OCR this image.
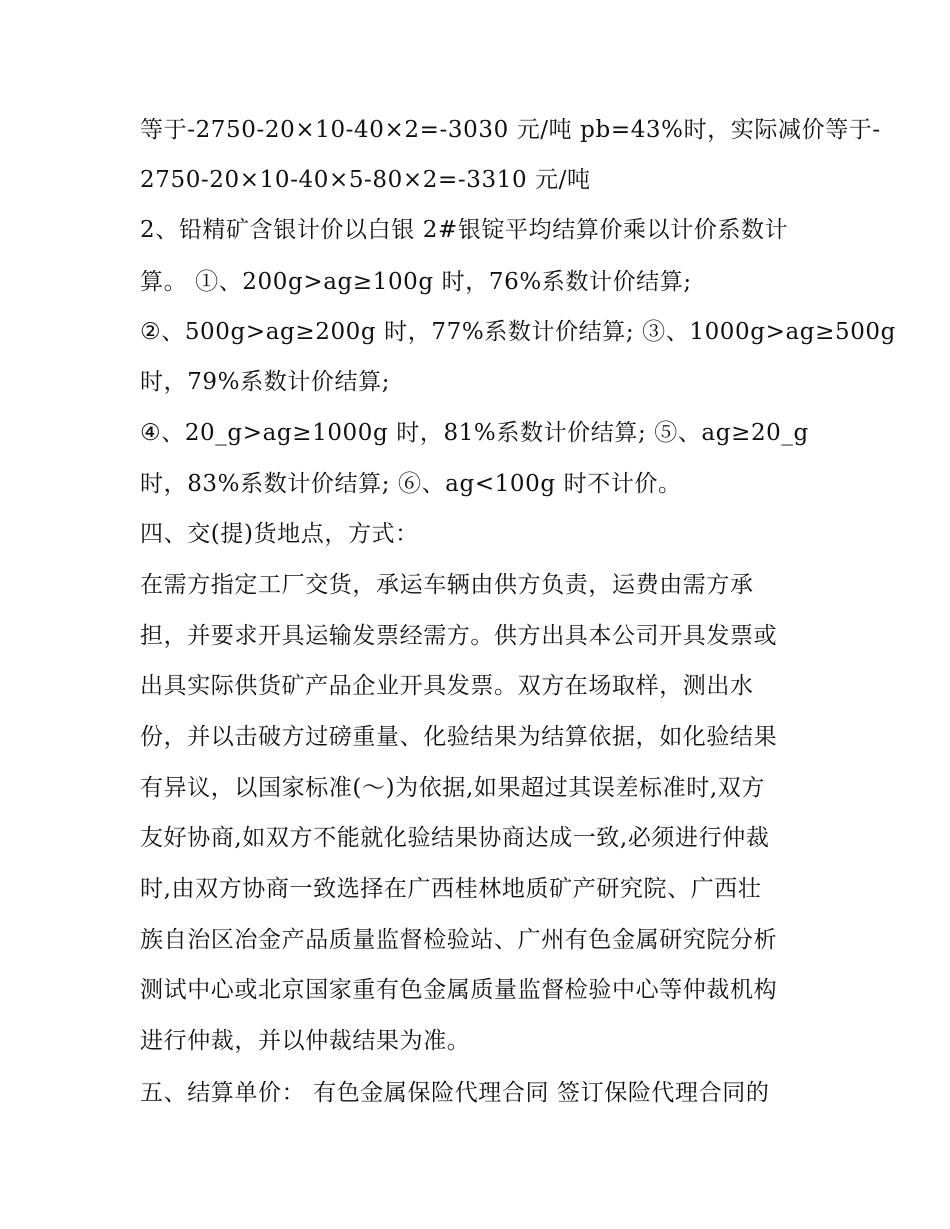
等于-2750-20×10-40×2=-3030 元/吨 pb=43%时，实际减价等于-
2750-20×10-40×5-80×2=-3310 元/吨
2、铅精矿含银计价以白银 2#银锭平均结算价乘以计价系数计
算。 ①、200g>ag≥100g 时，76%系数计价结算;
②、500g>ag≥200g 时，77%系数计价结算; ③、1000g>ag≥500g
时，79%系数计价结算;
④、20_g>ag≥1000g 时，81%系数计价结算; ⑤、ag≥20_g
时，83%系数计价结算; ⑥、ag<100g 时不计价。
四、交(提)货地点，方式：
在需方指定工厂交货，承运车辆由供方负责，运费由需方承
担，并要求开具运输发票经需方。供方出具本公司开具发票或
出具实际供货矿产品企业开具发票。双方在场取样，测出水
份，并以击破方过磅重量、化验结果为结算依据，如化验结果
有异议，以国家标准(～)为依据,如果超过其误差标准时,双方
友好协商,如双方不能就化验结果协商达成一致,必须进行仲裁
时,由双方协商一致选择在广西桂林地质矿产研究院、广西壮
族自治区冶金产品质量监督检验站、广州有色金属研究院分析
测试中心或北京国家重有色金属质量监督检验中心等仲裁机构
进行仲裁，并以仲裁结果为准。
五、结算单价： 有色金属保险代理合同 签订保险代理合同的
